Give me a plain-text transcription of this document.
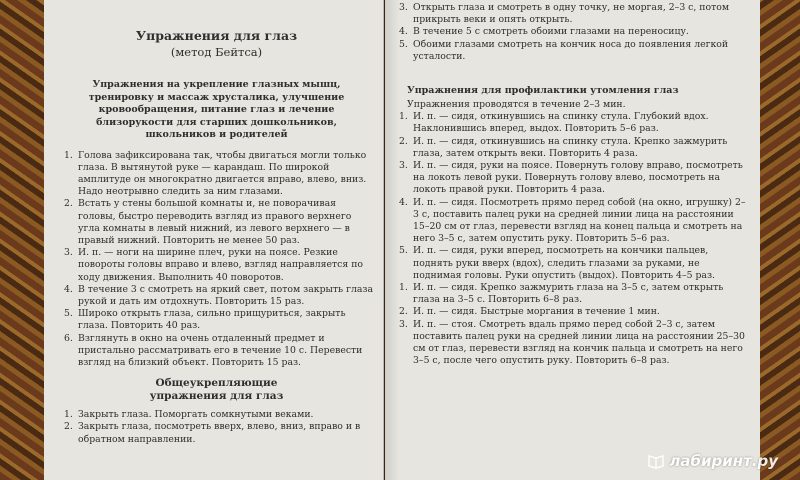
Упражнения для глаз
(метод Бейтса)
Упражнения на укрепление глазных мышц, тренировку и массаж хрусталика, улучшение кровообращения, питание глаз и лечение близорукости для старших дошкольников, школьников и родителей
1. Голова зафиксирована так, чтобы двигаться могли только глаза. В вытянутой руке — карандаш. По широкой амплитуде он многократно двигается вправо, влево, вниз. Надо неотрывно следить за ним глазами.
2. Встать у стены большой комнаты и, не поворачивая головы, быстро переводить взгляд из правого верхнего угла комнаты в левый нижний, из левого верхнего — в правый нижний. Повторить не менее 50 раз.
3. И. п. — ноги на ширине плеч, руки на поясе. Резкие повороты головы вправо и влево, взгляд направляется по ходу движения. Выполнить 40 поворотов.
4. В течение 3 с смотреть на яркий свет, потом закрыть глаза рукой и дать им отдохнуть. Повторить 15 раз.
5. Широко открыть глаза, сильно прищуриться, закрыть глаза. Повторить 40 раз.
6. Взглянуть в окно на очень отдаленный предмет и пристально рассматривать его в течение 10 с. Перевести взгляд на близкий объект. Повторить 15 раз.
Общеукрепляющие
упражнения для глаз
1. Закрыть глаза. Поморгать сомкнутыми веками.
2. Закрыть глаза, посмотреть вверх, влево, вниз, вправо и в обратном направлении.
3. Открыть глаза и смотреть в одну точку, не моргая, 2–3 с, потом прикрыть веки и опять открыть.
4. В течение 5 с смотреть обоими глазами на переносицу.
5. Обоими глазами смотреть на кончик носа до появления легкой усталости.
Упражнения для профилактики утомления глаз
Упражнения проводятся в течение 2–3 мин.
1. И. п. — сидя, откинувшись на спинку стула. Глубокий вдох. Наклонившись вперед, выдох. Повторить 5–6 раз.
2. И. п. — сидя, откинувшись на спинку стула. Крепко зажмурить глаза, затем открыть веки. Повторить 4 раза.
3. И. п. — сидя, руки на поясе. Повернуть голову вправо, посмотреть на локоть левой руки. Повернуть голову влево, посмотреть на локоть правой руки. Повторить 4 раза.
4. И. п. — сидя. Посмотреть прямо перед собой (на окно, игрушку) 2–3 с, поставить палец руки на средней линии лица на расстоянии 15–20 см от глаз, перевести взгляд на конец пальца и смотреть на него 3–5 с, затем опустить руку. Повторить 5–6 раз.
5. И. п. — сидя, руки вперед, посмотреть на кончики пальцев, поднять руки вверх (вдох), следить глазами за руками, не поднимая головы. Руки опустить (выдох). Повторить 4–5 раз.
1. И. п. — сидя. Крепко зажмурить глаза на 3–5 с, затем открыть глаза на 3–5 с. Повторить 6–8 раз.
2. И. п. — сидя. Быстрые моргания в течение 1 мин.
3. И. п. — стоя. Смотреть вдаль прямо перед собой 2–3 с, затем поставить палец руки на средней линии лица на расстоянии 25–30 см от глаз, перевести взгляд на кончик пальца и смотреть на него 3–5 с, после чего опустить руку. Повторить 6–8 раз.
лабиринт.ру
